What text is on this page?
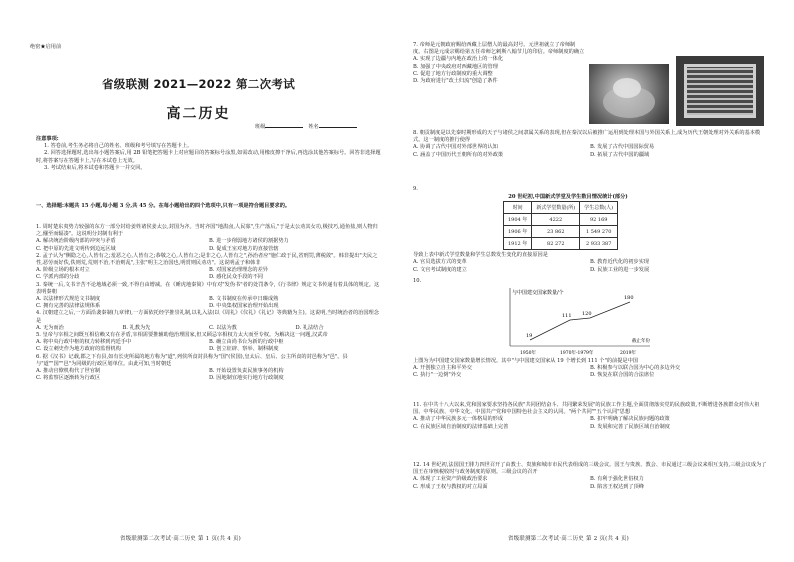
绝密★启用前
省级联测 2021—2022 第二次考试
高二历史
班级	姓名

注意事项:

1. 答卷前,考生务必将自己的姓名、班级和考号填写在答题卡上。

2. 回答选择题时,选出每小题答案后,用 2B 铅笔把答题卡上对应题目的答案标号涂黑,如需改动,用橡皮擦干净后,再选涂其他答案标号。回答非选择题时,将答案写在答题卡上,写在本试卷上无效。

3. 考试结束后,将本试卷和答题卡一并交回。

一、选择题:本题共 15 小题,每小题 3 分,共 45 分。在每小题给出的四个选项中,只有一项是符合题目要求的。

1. 周时楚东夷势力较强的东方一部分封给姜姓诸侯姜太公,封国为齐。当时齐国"地潟卤,人民寡",生产落后,"于是太公劝其女功,极技巧,通鱼盐,则人物归之,繦至而辐凑"。这说明分封制有利于

A. 解决统治阶级内部的冲突与矛盾	B. 进一步削弱地方诸侯的割据势力
C. 把中原的先进文明传到边远区域	D. 促成王室对地方的直接管辖

2. 孟子认为"侧隐之心,人皆有之;羞恶之心,人皆有之;恭敬之心,人皆有之;是非之心,人皆有之",孙治者应"施仁政于民,省刑罚,薄税敛"。韩非提出"夫民之性,恶劳而好佚,佚则荒,荒则不治,不治则乱",主张"明主之治国也,明赏则民劝功"。这说明孟子和韩非

A. 阶级立场的根本对立	B. 对国家治理理念的差异
C. 学派内部的分歧	D. 感化民众手段的不同

3. 秦统一后,文书辛苦不论地域必须一致,不得自由增减。在《睡虎地秦简》中有对"发伪书"者的处罚条令,《行书律》规定文书传递有着具体的规定。这表明秦朝

A. 以法律形式规范文书制度	B. 文书制度在传承中日臻成熟
C. 拥有完善的法律法规体系	D. 中央集权国家治理开始出现

4. 汉朝建立之后,一方面沿袭秦制(九章律),一方面依托经学推崇礼制,以礼入法(以《周礼》《仪礼》《礼记》等典籍为主)。这说明,当时统治者的治国理念是

A. 无为而治	B. 礼教为先	C. 以法为教	D. 礼法结合

5. 皇帝与宰相之间既互相信赖又有在矛盾,宰相需要推辅助他治理国家,但又顾忌宰相权力太大而至专权。为解决这一问题,汉武帝

A. 将中央行政中枢的权力转移到内廷手中	B. 确立由尚书台为新的行政中枢
C. 设立刺史作为地方政府的监督机构	D. 创立征辟、察举、制科制度

6. 据《汉书》记载,郡之下有县,如有长吏所属的地方称为"道",列侯所食封县称为"国"(侯国),皇太后、皇后、公主所食的封邑称为"邑"。县与"道""国""邑"为同级的行政区划单位。由此可知,当时朝廷

A. 推动官僚机构代了世官制	B. 开始设置负责民族事务的机构
C. 将监察区逐渐转为行政区	D. 因地制宜地实行地方行政制度
省级联测第二次考试·高二历史 第 1 页(共 4 页)

7. 帝师是元朝政府赐给西藏上层僧人的最高封号。元世祖就立了帝师制度。右图是元成宗赐给第五任帝师乞剌斯八翰节儿的印信。帝师制度的确立

A. 实现了边疆与内地在政治上的一体化

B. 加强了中央政府对西藏地区的管理

C. 促进了地方行政制度的重大调整

D. 为政府进行"改土归流"创造了条件

8. 朝贡制度是以先秦时期形成的天子与诸侯之间隶属关系的表现,但在秦汉以后被推广运用到处理本国与外国关系上,成为历代王朝处理对外关系的基本模式。这一制度的推行使得

A. 协调了古代中国对外部世界的认知	B. 发展了古代中国国际贸易
C. 涵盖了中国历代王朝所有的对外政策	D. 拓展了古代中国的疆域
9.

20 世纪初,中国新式学堂及学生数目情况统计(部分)

时间	新式学堂数量(所)	学生总数(人)
1904 年	4222	92 169
1906 年	23 862	1 549 270
1912 年	82 272	2 933 387

导致上表中新式学堂数量和学生总数发生变化的直接原因是

A. 官员选拔方式的变革	B. 教育近代化的初步实现
C. 文官考试制度的建立	D. 民族工业的进一步发展
10.
与中国建交国家数量/个
19
111 120
180
1950年	1970年-1979年	2019年
截止年份

上图为为中国建交国家数量增长情况。其中"与中国建交国家从 19 个增长到 111 个"的前提是中国

A. 开创独立自主和平外交	B. 积极参与以联合国为中心的多边外交
C. 执行"一边倒"外交	D. 恢复在联合国的合法席位

11. 在中共十八大以来,党和国家要求坚持各民族"共同团结奋斗、共同繁荣发展"的民族工作主题,全面贯彻落实党的民族政策,不断增进各族群众对伟大祖国、中华民族、中华文化、中国共产党和中国特色社会主义的认同。"两个共同""五个认同"思想

A. 推动了中华民族多元一体格局的形成	B. 扣牢明确了解决民族问题的政策
C. 在民族区域自治制度的法律基础上完善	D. 发展和完善了民族区域自治制度

12. 14 世纪初,法国国王腓力四世召开了由教士、贵族和城市市民代表组成的三级会议。国王与贵族、教会、市民通过三级会议来相互支持,三级会议成为了国王在审核税收时与政务制度的原则。三级会议的召开

A. 体现了工业资产阶级政治要求	B. 有利于强化世俗权力
C. 形成了王权与教权的对立局面	D. 陷害王权达到了顶峰
省级联测第二次考试·高二历史 第 2 页(共 4 页)
